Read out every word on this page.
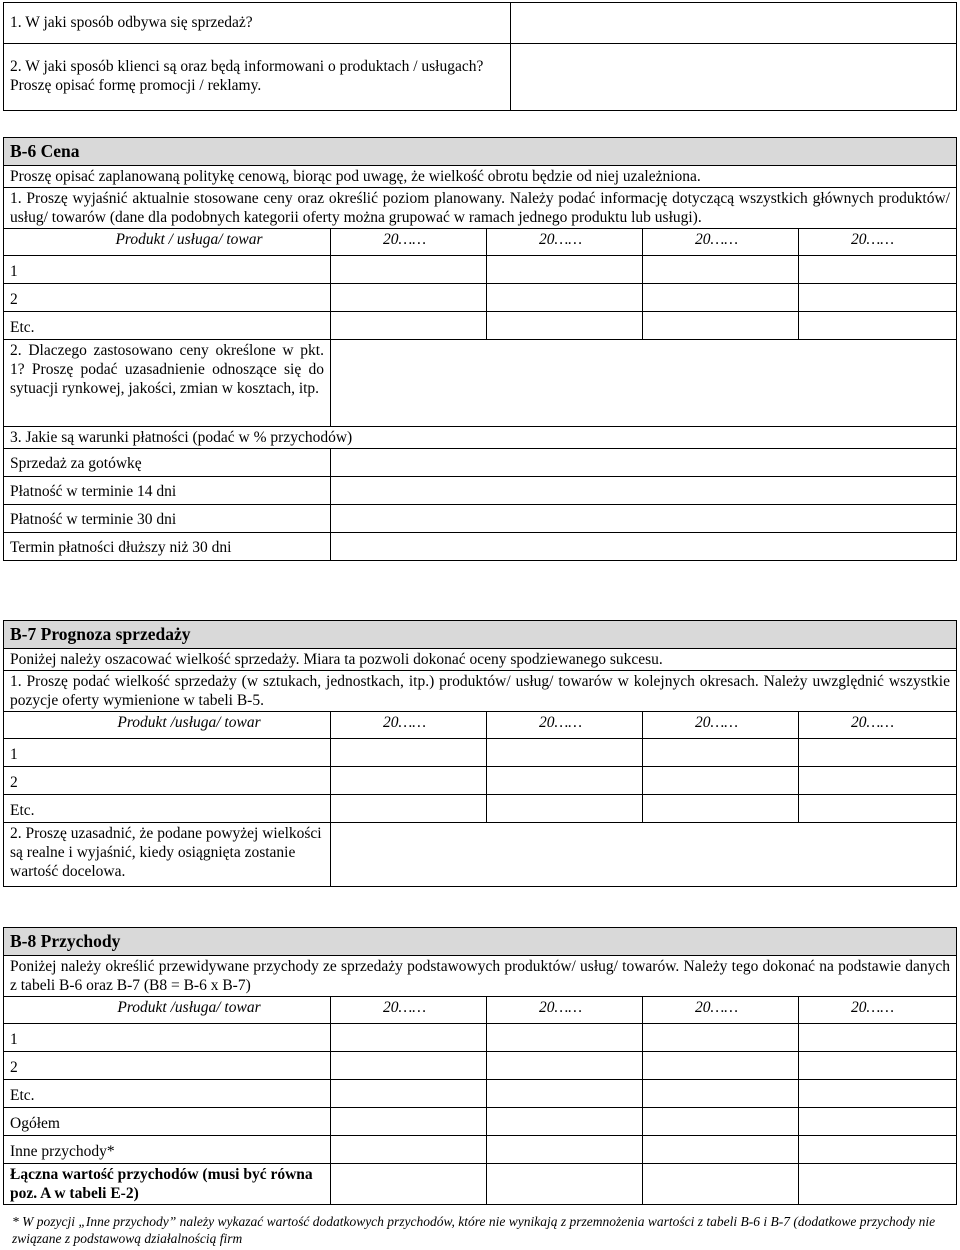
1. W jaki sposób odbywa się sprzedaż?	
2. W jaki sposób klienci są oraz będą informowani o produktach / usługach? Proszę opisać formę promocji / reklamy.	
B-6 Cena				
Proszę opisać zaplanowaną politykę cenową, biorąc pod uwagę, że wielkość obrotu będzie od niej uzależniona.				
1. Proszę wyjaśnić aktualnie stosowane ceny oraz określić poziom planowany. Należy podać informację dotyczącą wszystkich głównych produktów/ usług/ towarów (dane dla podobnych kategorii oferty można grupować w ramach jednego produktu lub usługi).				
Produkt / usługa/ towar	20……	20……	20……	20……
1				
2				
Etc.				
2. Dlaczego zastosowano ceny określone w pkt. 1? Proszę podać uzasadnienie odnoszące się do sytuacji rynkowej, jakości, zmian w kosztach, itp.				
3. Jakie są warunki płatności (podać w % przychodów)				
Sprzedaż za gotówkę				
Płatność w terminie 14 dni				
Płatność w terminie 30 dni				
Termin płatności dłuższy niż 30 dni				
B-7 Prognoza sprzedaży				
Poniżej należy oszacować wielkość sprzedaży. Miara ta pozwoli dokonać oceny spodziewanego sukcesu.				
1. Proszę podać wielkość sprzedaży (w sztukach, jednostkach, itp.) produktów/ usług/ towarów w kolejnych okresach. Należy uwzględnić wszystkie pozycje oferty wymienione w tabeli B-5.				
Produkt /usługa/ towar	20……	20……	20……	20……
1				
2				
Etc.				
2. Proszę uzasadnić, że podane powyżej wielkości są realne i wyjaśnić, kiedy osiągnięta zostanie wartość docelowa.				
B-8 Przychody				
Poniżej należy określić przewidywane przychody ze sprzedaży podstawowych produktów/ usług/ towarów. Należy tego dokonać na podstawie danych z tabeli B-6 oraz B-7 (B8 = B-6 x B-7)				
Produkt /usługa/ towar	20……	20……	20……	20……
1				
2				
Etc.				
Ogółem				
Inne przychody*				
Łączna wartość przychodów (musi być równa poz. A w tabeli E-2)				
* W pozycji „Inne przychody” należy wykazać wartość dodatkowych przychodów, które nie wynikają z przemnożenia wartości z tabeli B-6 i B-7 (dodatkowe przychody nie związane z podstawową działalnością firm
